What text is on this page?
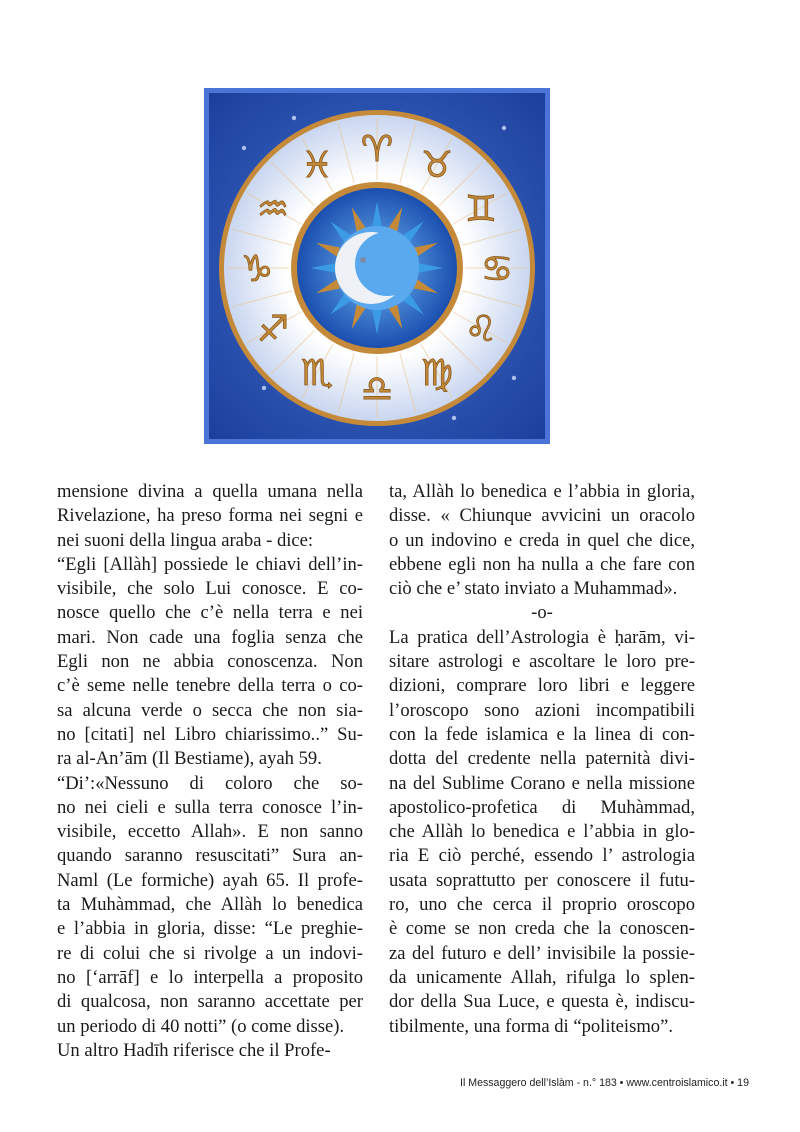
♈ ♉
♊
♋
♌
♍
♎
♏
♐
♑
♒
♓
mensione divina a quella umana nella
Rivelazione, ha preso forma nei segni e
nei suoni della lingua araba - dice:
“Egli [Allàh] possiede le chiavi dell’in-
visibile, che solo Lui conosce. E co-
nosce quello che c’è nella terra e nei
mari. Non cade una foglia senza che
Egli non ne abbia conoscenza. Non
c’è seme nelle tenebre della terra o co-
sa alcuna verde o secca che non sia-
no [citati] nel Libro chiarissimo..” Su-
ra al-An’ām (Il Bestiame), ayah 59.
“Di’:«Nessuno di coloro che so-
no nei cieli e sulla terra conosce l’in-
visibile, eccetto Allah». E non sanno
quando saranno resuscitati” Sura an-
Naml (Le formiche) ayah 65. Il profe-
ta Muhàmmad, che Allàh lo benedica
e l’abbia in gloria, disse: “Le preghie-
re di colui che si rivolge a un indovi-
no [‘arrāf] e lo interpella a proposito
di qualcosa, non saranno accettate per
un periodo di 40 notti” (o come disse).
Un altro Hadīh riferisce che il Profe-
ta, Allàh lo benedica e l’abbia in gloria,
disse. « Chiunque avvicini un oracolo
o un indovino e creda in quel che dice,
ebbene egli non ha nulla a che fare con
ciò che e’ stato inviato a Muhammad».
-o-
La pratica dell’Astrologia è ḥarām, vi-
sitare astrologi e ascoltare le loro pre-
dizioni, comprare loro libri e leggere
l’oroscopo sono azioni incompatibili
con la fede islamica e la linea di con-
dotta del credente nella paternità divi-
na del Sublime Corano e nella missione
apostolico-profetica di Muhàmmad,
che Allàh lo benedica e l’abbia in glo-
ria E ciò perché, essendo l’ astrologia
usata soprattutto per conoscere il futu-
ro, uno che cerca il proprio oroscopo
è come se non creda che la conoscen-
za del futuro e dell’ invisibile la possie-
da unicamente Allah, rifulga lo splen-
dor della Sua Luce, e questa è, indiscu-
tibilmente, una forma di “politeismo”.
Il Messaggero dell’Islàm - n.° 183 • www.centroislamico.it • 19
